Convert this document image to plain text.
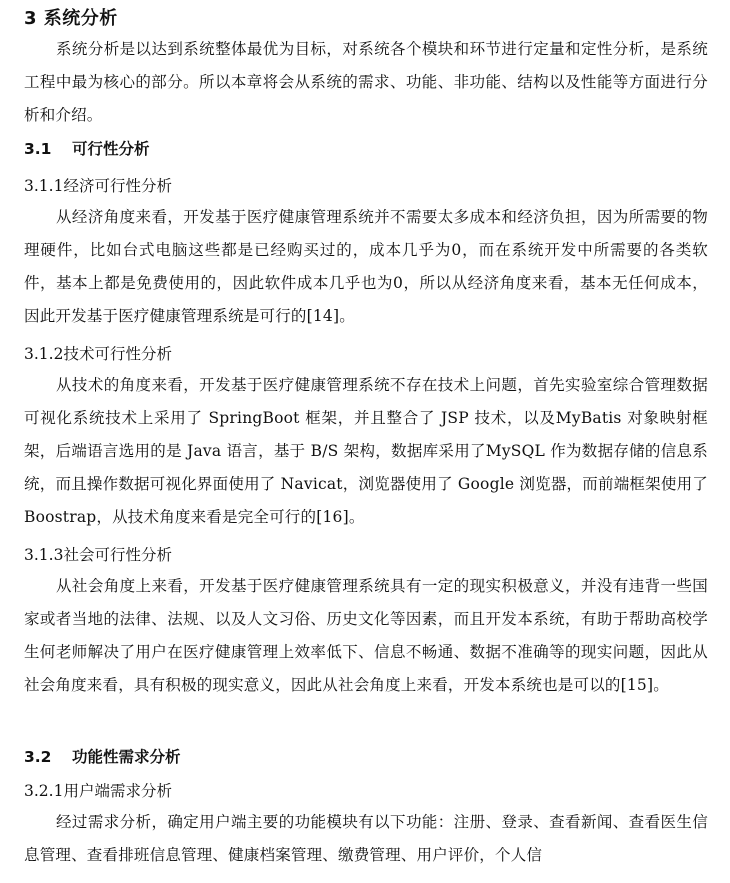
3 系统分析
系统分析是以达到系统整体最优为目标，对系统各个模块和环节进行定量和定性分析，是系统工程中最为核心的部分。所以本章将会从系统的需求、功能、非功能、结构以及性能等方面进行分析和介绍。
3.1 可行性分析
3.1.1经济可行性分析
从经济角度来看，开发基于医疗健康管理系统并不需要太多成本和经济负担，因为所需要的物理硬件，比如台式电脑这些都是已经购买过的，成本几乎为0，而在系统开发中所需要的各类软件，基本上都是免费使用的，因此软件成本几乎也为0，所以从经济角度来看，基本无任何成本，因此开发基于医疗健康管理系统是可行的[14]。
3.1.2技术可行性分析
从技术的角度来看，开发基于医疗健康管理系统不存在技术上问题，首先实验室综合管理数据可视化系统技术上采用了 SpringBoot 框架，并且整合了 JSP 技术，以及MyBatis 对象映射框架，后端语言选用的是 Java 语言，基于 B/S 架构，数据库采用了MySQL 作为数据存储的信息系统，而且操作数据可视化界面使用了 Navicat，浏览器使用了 Google 浏览器，而前端框架使用了 Boostrap，从技术角度来看是完全可行的[16]。
3.1.3社会可行性分析
从社会角度上来看，开发基于医疗健康管理系统具有一定的现实积极意义，并没有违背一些国家或者当地的法律、法规、以及人文习俗、历史文化等因素，而且开发本系统，有助于帮助高校学生何老师解决了用户在医疗健康管理上效率低下、信息不畅通、数据不准确等的现实问题，因此从社会角度来看，具有积极的现实意义，因此从社会角度上来看，开发本系统也是可以的[15]。
3.2 功能性需求分析
3.2.1用户端需求分析
经过需求分析，确定用户端主要的功能模块有以下功能：注册、登录、查看新闻、查看医生信息管理、查看排班信息管理、健康档案管理、缴费管理、用户评价，个人信
